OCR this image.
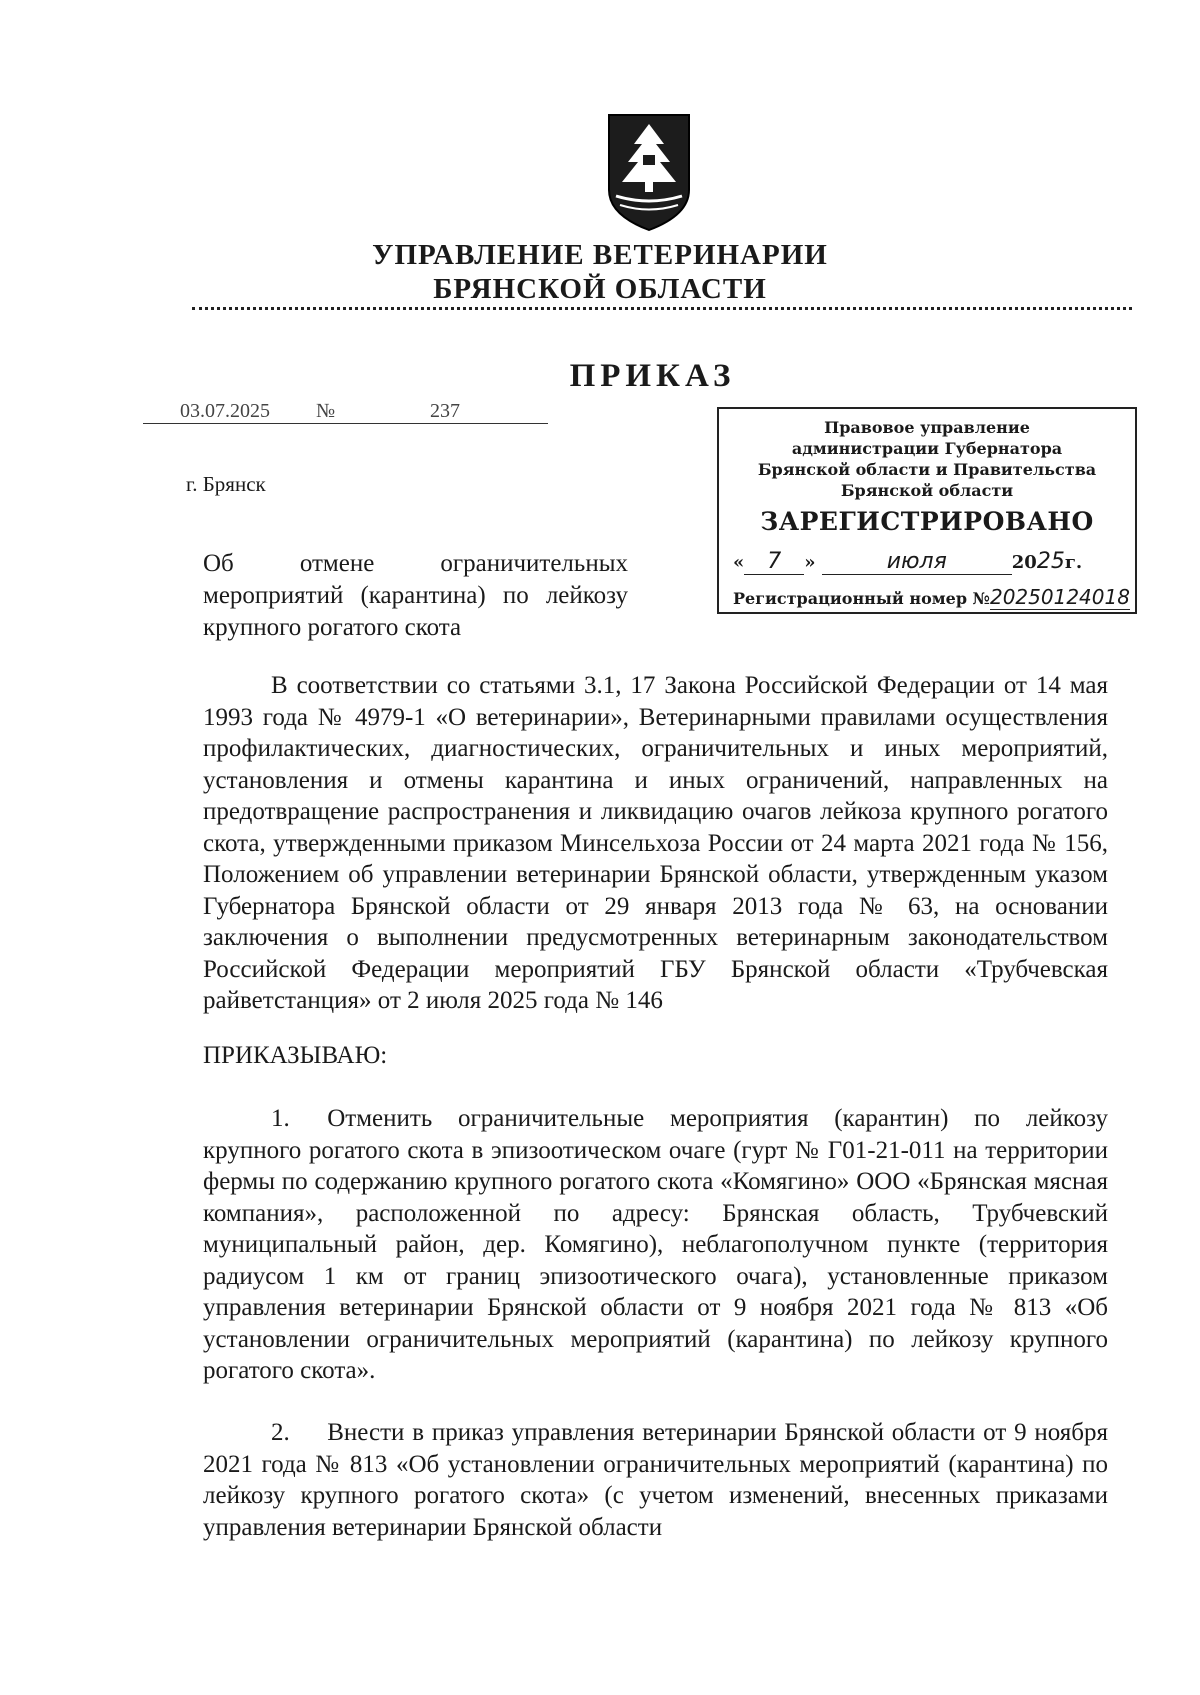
УПРАВЛЕНИЕ ВЕТЕРИНАРИИ
БРЯНСКОЙ ОБЛАСТИ
ПРИКАЗ
03.07.2025 №	237
г. Брянск
Об отмене ограничительных
мероприятий (карантина) по лейкозу крупного рогатого скота
Правовое управление
администрации Губернатора
Брянской области и Правительства
Брянской области
ЗАРЕГИСТРИРОВАНО
« 7 »	июля	2025г.
Регистрационный номер №20250124018

В соответствии со статьями 3.1, 17 Закона Российской Федерации от 14 мая 1993 года № 4979-1 «О ветеринарии», Ветеринарными правилами осуществления профилактических, диагностических, ограничительных и иных мероприятий, установления и отмены карантина и иных ограничений, направленных на предотвращение распространения и ликвидацию очагов лейкоза крупного рогатого скота, утвержденными приказом Минсельхоза России от 24 марта 2021 года № 156, Положением об управлении ветеринарии Брянской области, утвержденным указом Губернатора Брянской области от 29 января 2013 года № 63, на основании заключения о выполнении предусмотренных ветеринарным законодательством Российской Федерации мероприятий ГБУ Брянской области «Трубчевская райветстанция» от 2 июля 2025 года № 146

ПРИКАЗЫВАЮ:

1.  Отменить ограничительные мероприятия (карантин) по лейкозу крупного рогатого скота в эпизоотическом очаге (гурт № Г01-21-011 на территории фермы по содержанию крупного рогатого скота «Комягино» ООО «Брянская мясная компания», расположенной по адресу: Брянская область, Трубчевский муниципальный район, дер. Комягино), неблагополучном пункте (территория радиусом 1 км от границ эпизоотического очага), установленные приказом управления ветеринарии Брянской области от 9 ноября 2021 года № 813 «Об установлении ограничительных мероприятий (карантина) по лейкозу крупного рогатого скота».

2.  Внести в приказ управления ветеринарии Брянской области от 9 ноября 2021 года № 813 «Об установлении ограничительных мероприятий (карантина) по лейкозу крупного рогатого скота» (с учетом изменений, внесенных приказами управления ветеринарии Брянской области
